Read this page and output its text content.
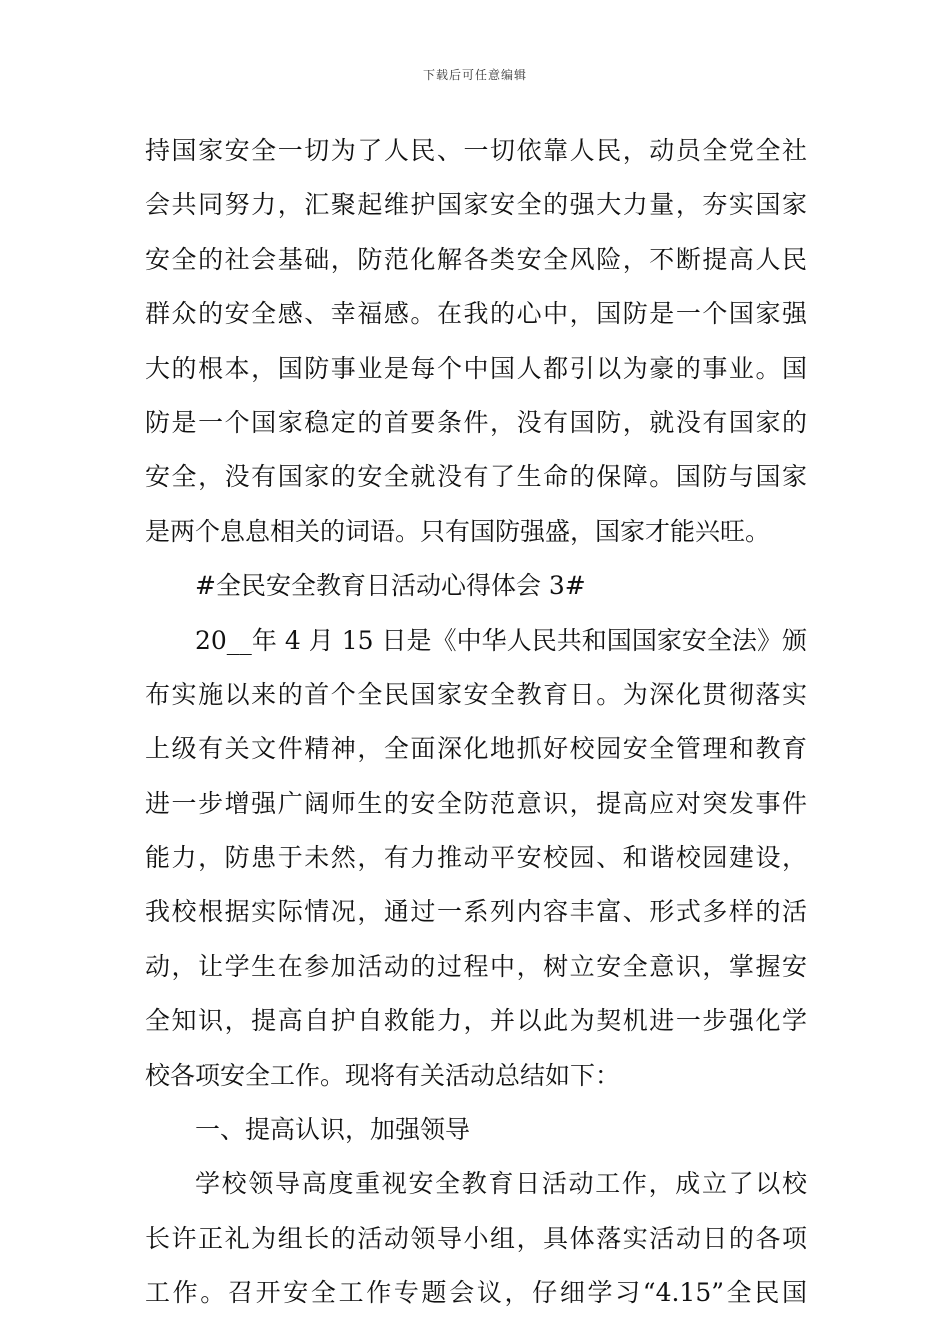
下载后可任意编辑
持国家安全一切为了人民、一切依靠人民，动员全党全社
会共同努力，汇聚起维护国家安全的强大力量，夯实国家
安全的社会基础，防范化解各类安全风险，不断提高人民
群众的安全感、幸福感。在我的心中，国防是一个国家强
大的根本，国防事业是每个中国人都引以为豪的事业。国
防是一个国家稳定的首要条件，没有国防，就没有国家的
安全，没有国家的安全就没有了生命的保障。国防与国家
是两个息息相关的词语。只有国防强盛，国家才能兴旺。
#全民安全教育日活动心得体会 3#
20__年 4 月 15 日是《中华人民共和国国家安全法》颁
布实施以来的首个全民国家安全教育日。为深化贯彻落实
上级有关文件精神，全面深化地抓好校园安全管理和教育
进一步增强广阔师生的安全防范意识，提高应对突发事件
能力，防患于未然，有力推动平安校园、和谐校园建设，
我校根据实际情况，通过一系列内容丰富、形式多样的活
动，让学生在参加活动的过程中，树立安全意识，掌握安
全知识，提高自护自救能力，并以此为契机进一步强化学
校各项安全工作。现将有关活动总结如下：
一、提高认识，加强领导
学校领导高度重视安全教育日活动工作，成立了以校
长许正礼为组长的活动领导小组，具体落实活动日的各项
工作。召开安全工作专题会议，仔细学习“4.15”全民国
